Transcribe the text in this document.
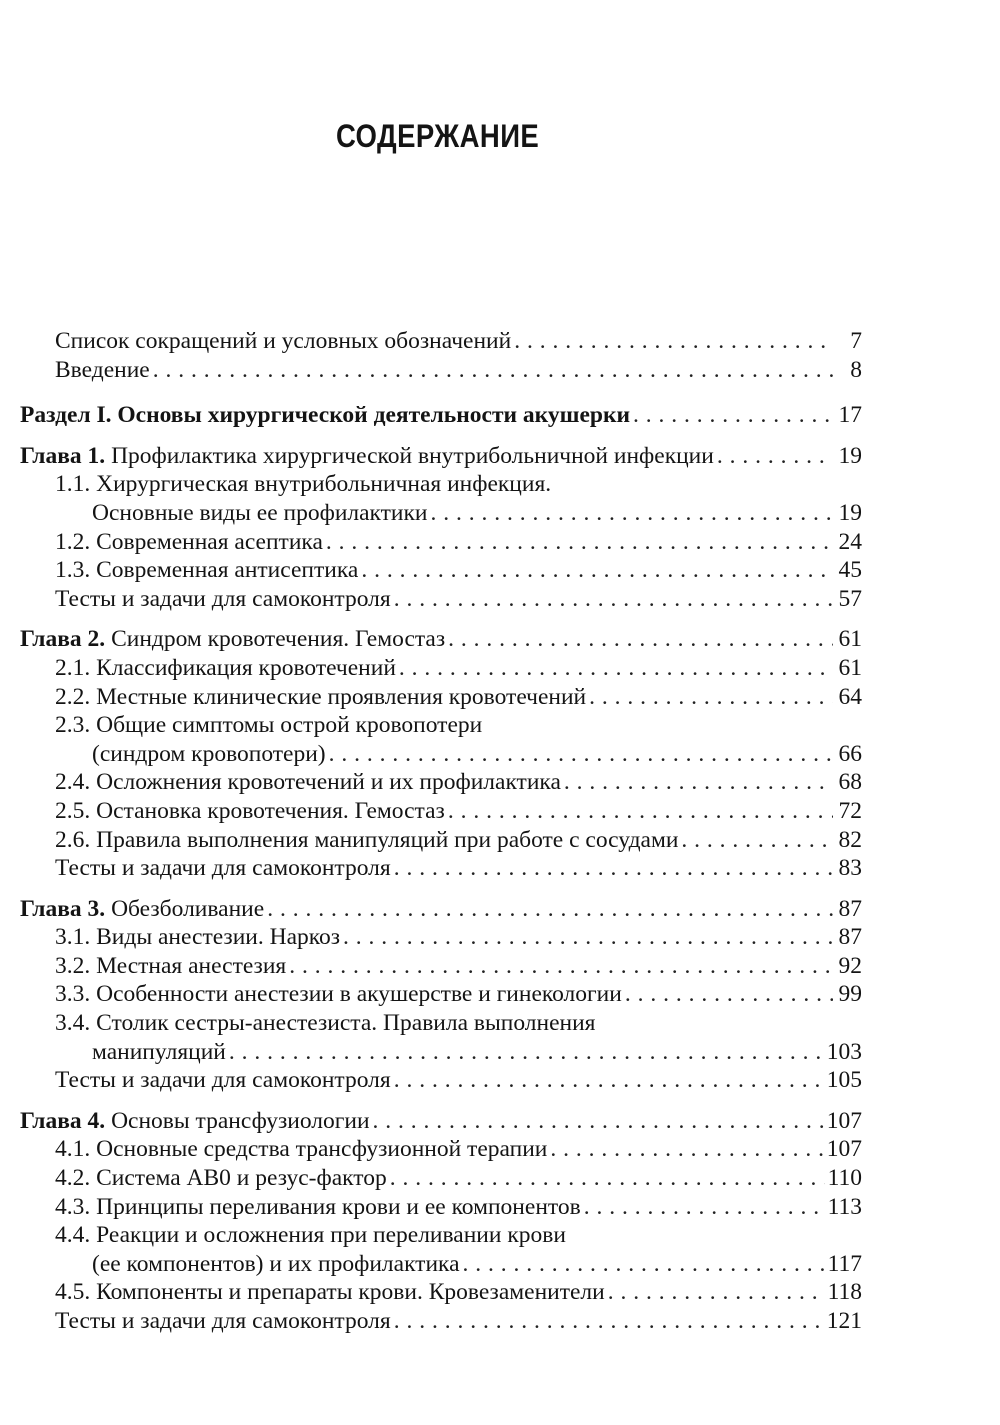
СОДЕРЖАНИЕ
Список сокращений и условных обозначений . . .	7
Введение . . .	8
Раздел I. Основы хирургической деятельности акушерки . . .	17
Глава 1. Профилактика хирургической внутрибольничной инфекции . . .	19
1.1. Хирургическая внутрибольничная инфекция.
Основные виды ее профилактики . . .	19
1.2. Современная асептика . . .	24
1.3. Современная антисептика . . .	45
Тесты и задачи для самоконтроля . . .	57
Глава 2. Синдром кровотечения. Гемостаз . . .	61
2.1. Классификация кровотечений . . .	61
2.2. Местные клинические проявления кровотечений . . .	64
2.3. Общие симптомы острой кровопотери
(синдром кровопотери) . . .	66
2.4. Осложнения кровотечений и их профилактика . . .	68
2.5. Остановка кровотечения. Гемостаз . . .	72
2.6. Правила выполнения манипуляций при работе с сосудами . . .	82
Тесты и задачи для самоконтроля . . .	83
Глава 3. Обезболивание . . .	87
3.1. Виды анестезии. Наркоз . . .	87
3.2. Местная анестезия . . .	92
3.3. Особенности анестезии в акушерстве и гинекологии . . .	99
3.4. Столик сестры-анестезиста. Правила выполнения
манипуляций . . .	103
Тесты и задачи для самоконтроля . . .	105
Глава 4. Основы трансфузиологии . . .	107
4.1. Основные средства трансфузионной терапии . . .	107
4.2. Система АВ0 и резус-фактор . . .	110
4.3. Принципы переливания крови и ее компонентов . . .	113
4.4. Реакции и осложнения при переливании крови
(ее компонентов) и их профилактика . . .	117
4.5. Компоненты и препараты крови. Кровезаменители . . .	118
Тесты и задачи для самоконтроля . . .	121
